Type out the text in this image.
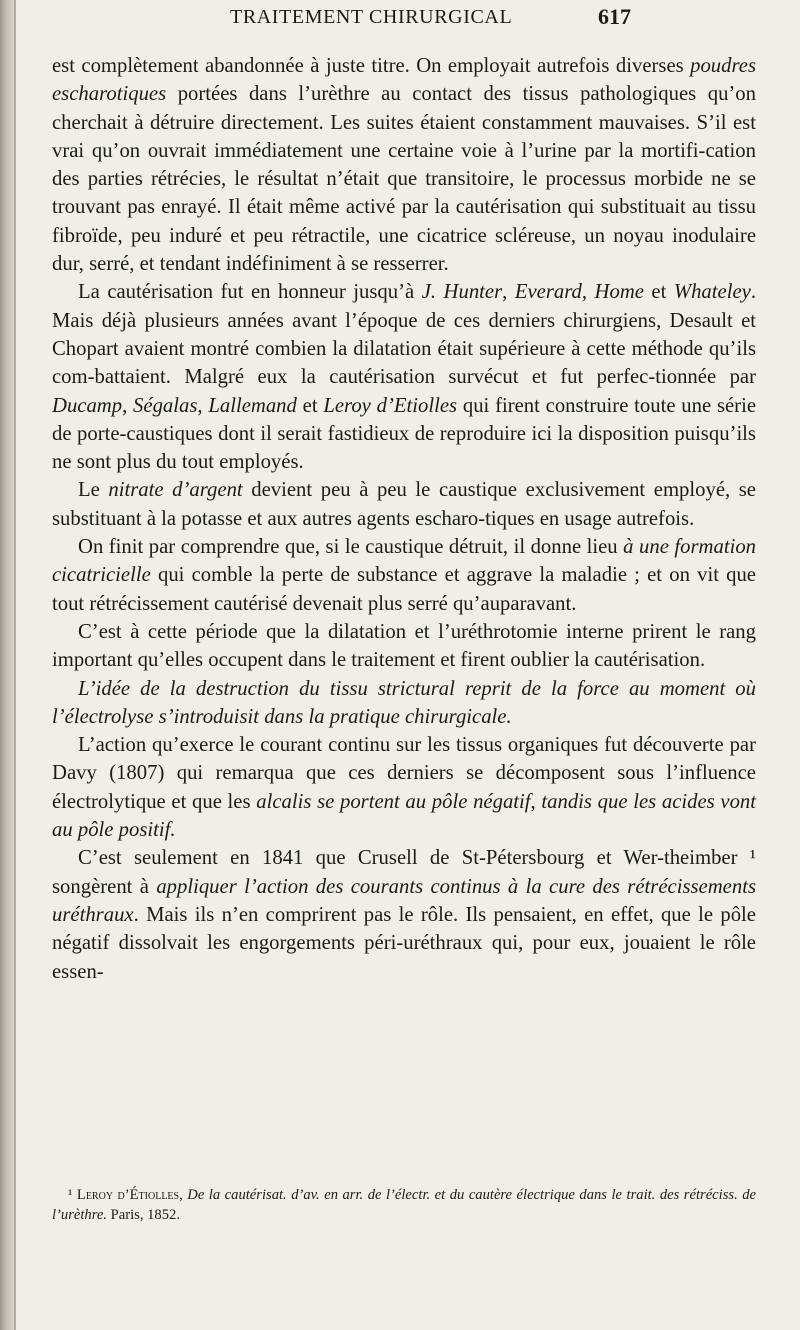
TRAITEMENT CHIRURGICAL	617

est complètement abandonnée à juste titre. On employait autrefois diverses poudres escharotiques portées dans l’urèthre au contact des tissus pathologiques qu’on cherchait à détruire directement. Les suites étaient constamment mauvaises. S’il est vrai qu’on ouvrait immédiatement une certaine voie à l’urine par la mortifi-cation des parties rétrécies, le résultat n’était que transitoire, le processus morbide ne se trouvant pas enrayé. Il était même activé par la cautérisation qui substituait au tissu fibroïde, peu induré et peu rétractile, une cicatrice scléreuse, un noyau inodulaire dur, serré, et tendant indéfiniment à se resserrer.

La cautérisation fut en honneur jusqu’à J. Hunter, Everard, Home et Whateley. Mais déjà plusieurs années avant l’époque de ces derniers chirurgiens, Desault et Chopart avaient montré combien la dilatation était supérieure à cette méthode qu’ils com-battaient. Malgré eux la cautérisation survécut et fut perfec-tionnée par Ducamp, Ségalas, Lallemand et Leroy d’Etiolles qui firent construire toute une série de porte-caustiques dont il serait fastidieux de reproduire ici la disposition puisqu’ils ne sont plus du tout employés.

Le nitrate d’argent devient peu à peu le caustique exclusivement employé, se substituant à la potasse et aux autres agents escharo-tiques en usage autrefois.

On finit par comprendre que, si le caustique détruit, il donne lieu à une formation cicatricielle qui comble la perte de substance et aggrave la maladie ; et on vit que tout rétrécissement cautérisé devenait plus serré qu’auparavant.

C’est à cette période que la dilatation et l’uréthrotomie interne prirent le rang important qu’elles occupent dans le traitement et firent oublier la cautérisation.

L’idée de la destruction du tissu strictural reprit de la force au moment où l’électrolyse s’introduisit dans la pratique chirurgicale.

L’action qu’exerce le courant continu sur les tissus organiques fut découverte par Davy (1807) qui remarqua que ces derniers se décomposent sous l’influence électrolytique et que les alcalis se portent au pôle négatif, tandis que les acides vont au pôle positif.

C’est seulement en 1841 que Crusell de St-Pétersbourg et Wer-theimber ¹ songèrent à appliquer l’action des courants continus à la cure des rétrécissements uréthraux. Mais ils n’en comprirent pas le rôle. Ils pensaient, en effet, que le pôle négatif dissolvait les engorgements péri-uréthraux qui, pour eux, jouaient le rôle essen-

¹ Leroy d’Étiolles, De la cautérisat. d’av. en arr. de l’électr. et du cautère électrique dans le trait. des rétréciss. de l’urèthre. Paris, 1852.
